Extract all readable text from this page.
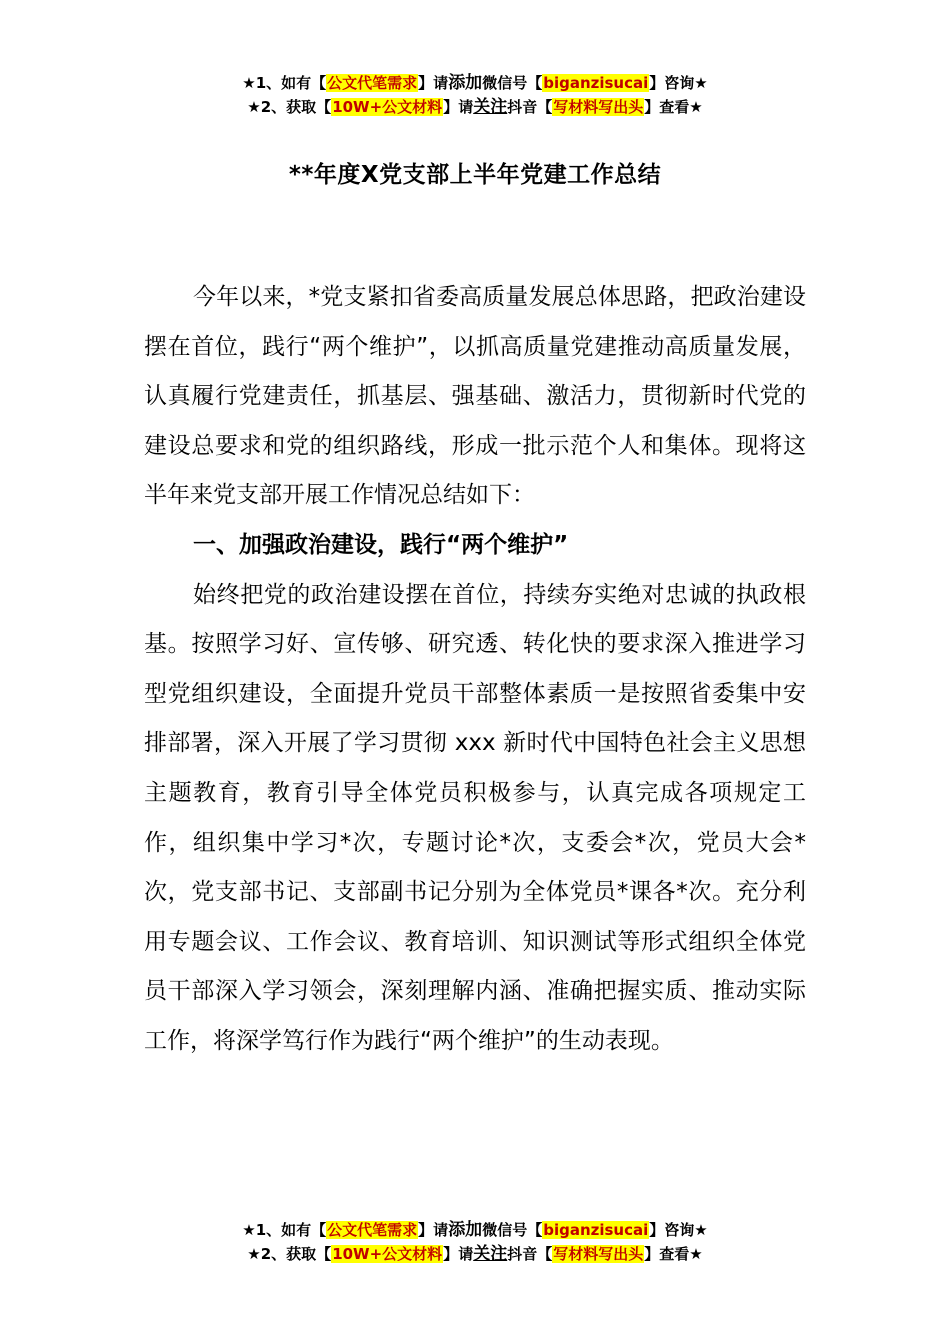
★1、如有【公文代笔需求】请添加微信号【biganzisucai】咨询★
★2、获取【10W+公文材料】请关注抖音【写材料写出头】查看★
**年度X党支部上半年党建工作总结

今年以来，*党支紧扣省委高质量发展总体思路，把政治建设摆在首位，践行“两个维护”，以抓高质量党建推动高质量发展，认真履行党建责任，抓基层、强基础、激活力，贯彻新时代党的建设总要求和党的组织路线，形成一批示范个人和集体。现将这半年来党支部开展工作情况总结如下：

一、加强政治建设，践行“两个维护”

始终把党的政治建设摆在首位，持续夯实绝对忠诚的执政根基。按照学习好、宣传够、研究透、转化快的要求深入推进学习型党组织建设，全面提升党员干部整体素质一是按照省委集中安排部署，深入开展了学习贯彻 xxx 新时代中国特色社会主义思想主题教育，教育引导全体党员积极参与，认真完成各项规定工作，组织集中学习*次，专题讨论*次，支委会*次，党员大会*次，党支部书记、支部副书记分别为全体党员*课各*次。充分利用专题会议、工作会议、教育培训、知识测试等形式组织全体党员干部深入学习领会，深刻理解内涵、准确把握实质、推动实际工作，将深学笃行作为践行“两个维护”的生动表现。

★1、如有【公文代笔需求】请添加微信号【biganzisucai】咨询★
★2、获取【10W+公文材料】请关注抖音【写材料写出头】查看★
